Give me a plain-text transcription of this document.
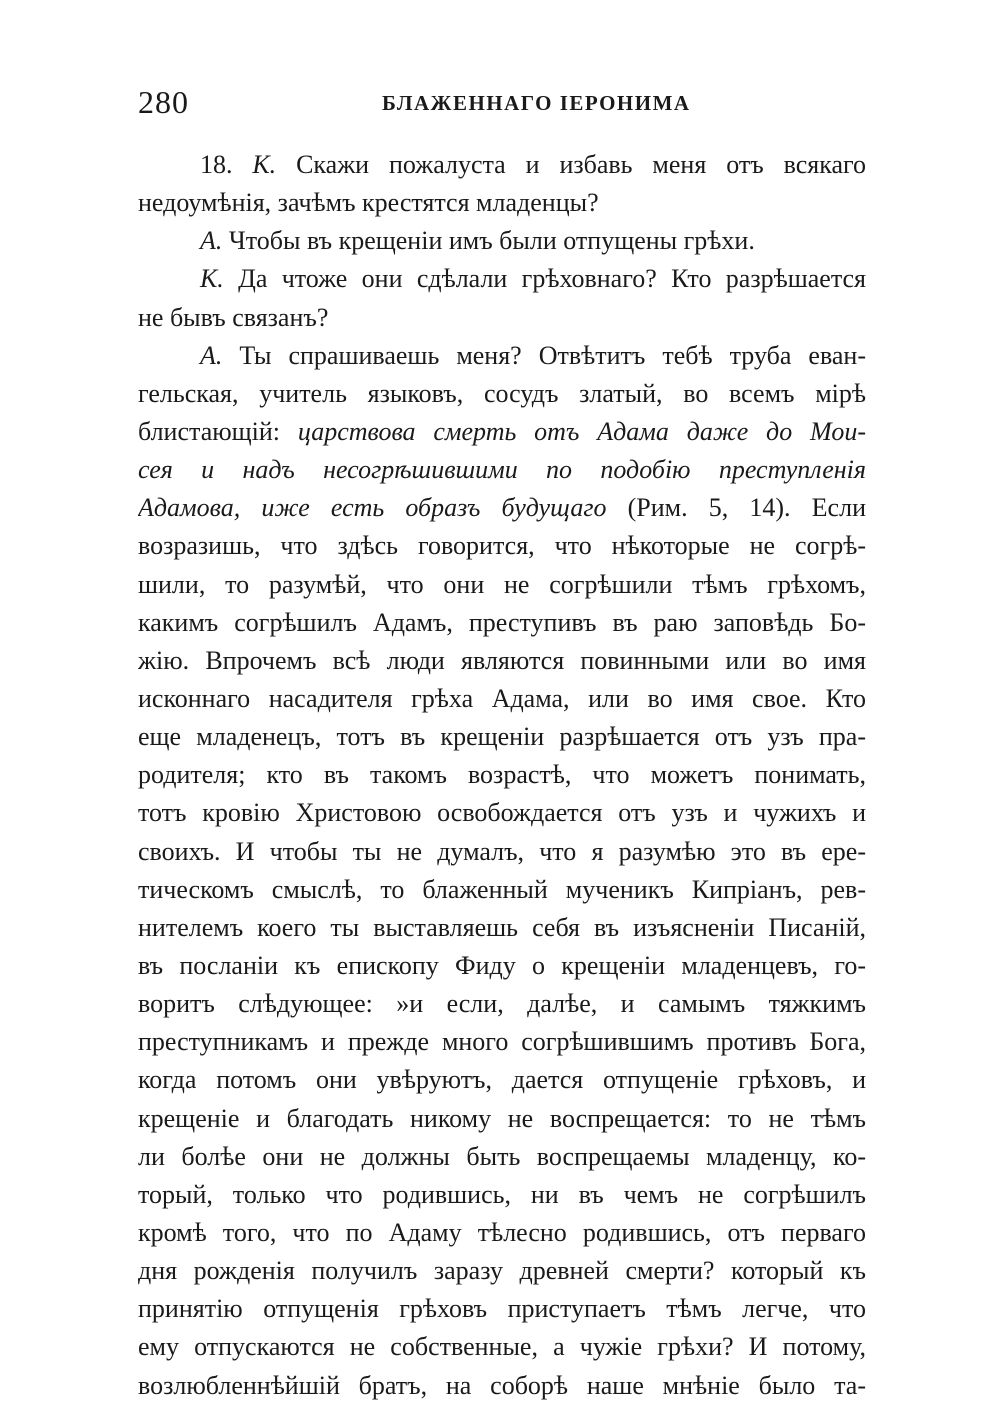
280	БЛАЖЕННАГО ІЕРОНИМА
18. К. Скажи пожалуста и избавь меня отъ всякаго
недоумѣнія, зачѣмъ крестятся младенцы?
А. Чтобы въ крещеніи имъ были отпущены грѣхи.
К. Да чтоже они сдѣлали грѣховнаго? Кто разрѣшается
не бывъ связанъ?
А. Ты спрашиваешь меня? Отвѣтитъ тебѣ труба еван-
гельская, учитель языковъ, сосудъ златый, во всемъ мірѣ
блистающій: царствова смерть отъ Адама даже до Моu-
сея и надъ несогрѣшившими по подобію преступленія
Адамова, иже есть образъ будущаго (Рим. 5, 14). Если
возразишь, что здѣсь говорится, что нѣкоторые не согрѣ-
шили, то разумѣй, что они не согрѣшили тѣмъ грѣхомъ,
какимъ согрѣшилъ Адамъ, преступивъ въ раю заповѣдь Бо-
жію. Впрочемъ всѣ люди являются повинными или во имя
исконнаго насадителя грѣха Адама, или во имя свое. Кто
еще младенецъ, тотъ въ крещеніи разрѣшается отъ узъ пра-
родителя; кто въ такомъ возрастѣ, что можетъ понимать,
тотъ кровію Христовою освобождается отъ узъ и чужихъ и
своихъ. И чтобы ты не думалъ, что я разумѣю это въ ере-
тическомъ смыслѣ, то блаженный мученикъ Кипріанъ, рев-
нителемъ коего ты выставляешь себя въ изъясненіи Писаній,
въ посланіи къ епископу Фиду о крещеніи младенцевъ, го-
воритъ слѣдующее: »и если, далѣе, и самымъ тяжкимъ
преступникамъ и прежде много согрѣшившимъ противъ Бога,
когда потомъ они увѣруютъ, дается отпущеніе грѣховъ, и
крещеніе и благодать никому не воспрещается: то не тѣмъ
ли болѣе они не должны быть воспрещаемы младенцу, ко-
торый, только что родившись, ни въ чемъ не согрѣшилъ
кромѣ того, что по Адаму тѣлесно родившись, отъ перваго
дня рожденія получилъ заразу древней смерти? который къ
принятію отпущенія грѣховъ приступаетъ тѣмъ легче, что
ему отпускаются не собственные, а чужіе грѣхи? И потому,
возлюбленнѣйшій братъ, на соборѣ наше мнѣніе было та-
